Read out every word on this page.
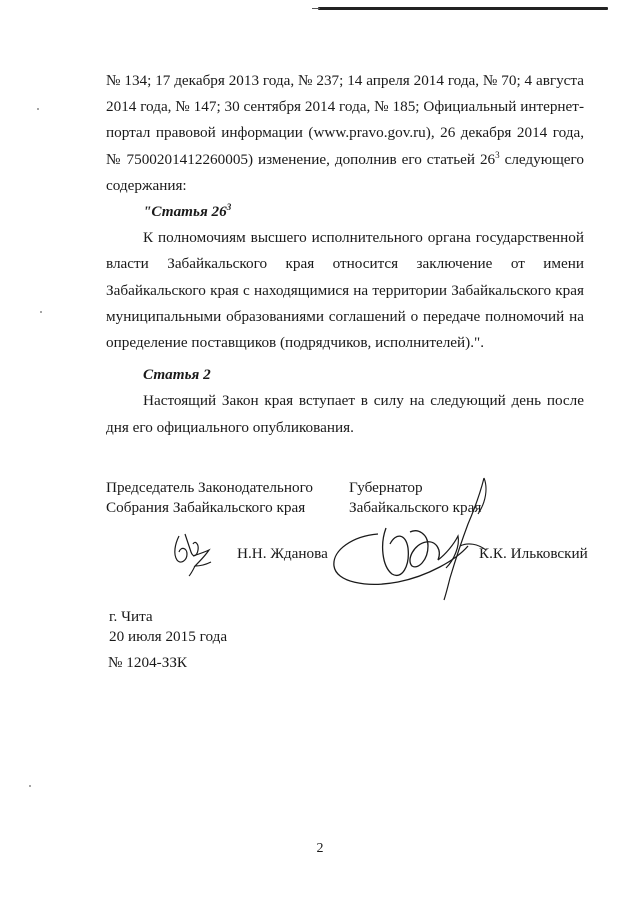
№ 134; 17 декабря 2013 года, № 237; 14 апреля 2014 года, № 70; 4 августа 2014 года, № 147; 30 сентября 2014 года, № 185; Официальный интернет-портал правовой информации (www.pravo.gov.ru), 26 декабря 2014 года, № 7500201412260005) изменение, дополнив его статьей $26^3$ следующего содержания:

"Статья $26^3$

К полномочиям высшего исполнительного органа государственной власти Забайкальского края относится заключение от имени Забайкальского края с находящимися на территории Забайкальского края муниципальными образованиями соглашений о передаче полномочий на определение поставщиков (подрядчиков, исполнителей).".

Статья 2

Настоящий Закон края вступает в силу на следующий день после дня его официального опубликования.

Председатель Законодательного
Собрания Забайкальского края
Губернатор
Забайкальского края
Н.Н. Жданова	К.К. Ильковский
г. Чита
20 июля 2015 года
№ 1204-ЗЗК
2
